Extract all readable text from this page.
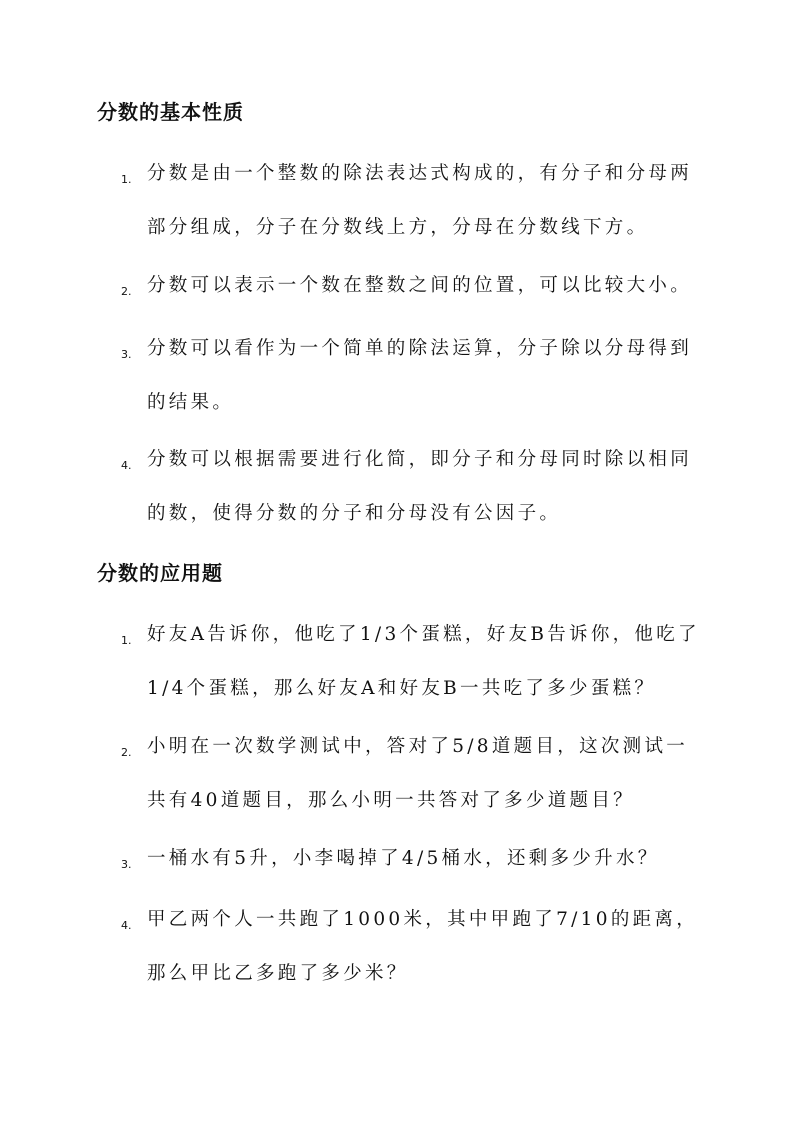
分数的基本性质
1. 分数是由一个整数的除法表达式构成的，有分子和分母两部分组成，分子在分数线上方，分母在分数线下方。

2. 分数可以表示一个数在整数之间的位置，可以比较大小。

3. 分数可以看作为一个简单的除法运算，分子除以分母得到的结果。

4. 分数可以根据需要进行化简，即分子和分母同时除以相同的数，使得分数的分子和分母没有公因子。

分数的应用题
1. 好友A告诉你，他吃了1/3个蛋糕，好友B告诉你，他吃了1/4个蛋糕，那么好友A和好友B一共吃了多少蛋糕？

2. 小明在一次数学测试中，答对了5/8道题目，这次测试一共有40道题目，那么小明一共答对了多少道题目？

3. 一桶水有5升，小李喝掉了4/5桶水，还剩多少升水？

4. 甲乙两个人一共跑了1000米，其中甲跑了7/10的距离，那么甲比乙多跑了多少米？
